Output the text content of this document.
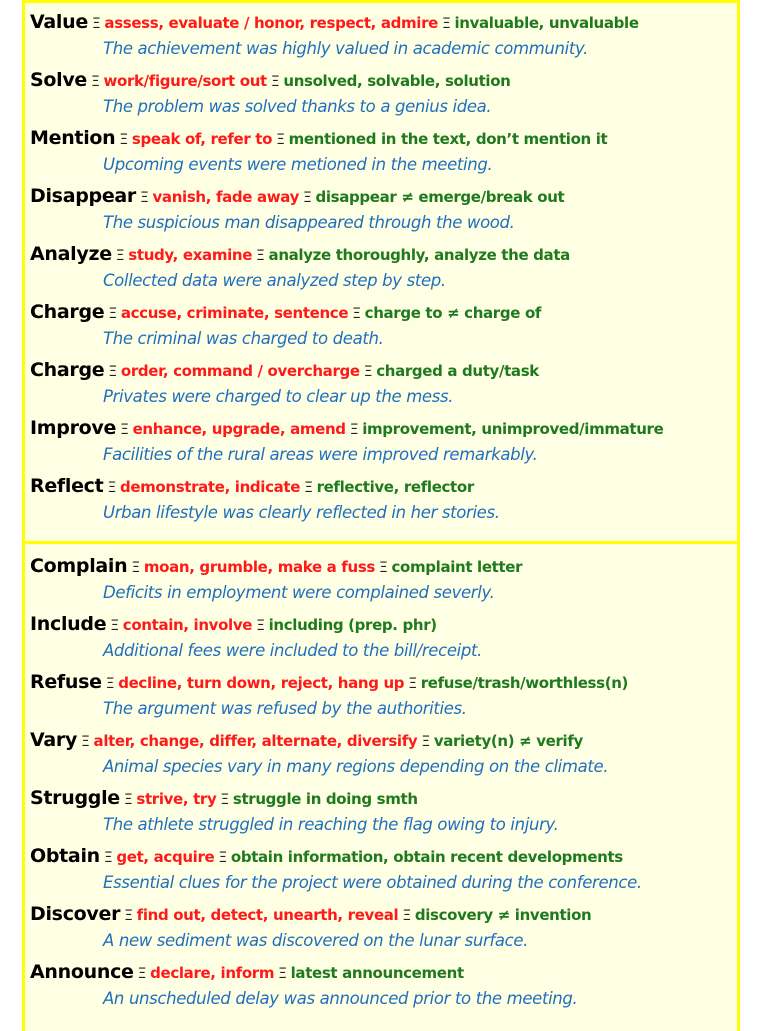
Value Ξ assess, evaluate / honor, respect, admire Ξ invaluable, unvaluable
The achievement was highly valued in academic community.
Solve Ξ work/figure/sort out Ξ unsolved, solvable, solution
The problem was solved thanks to a genius idea.
Mention Ξ speak of, refer to Ξ mentioned in the text, don’t mention it
Upcoming events were metioned in the meeting.
Disappear Ξ vanish, fade away Ξ disappear ≠ emerge/break out
The suspicious man disappeared through the wood.
Analyze Ξ study, examine Ξ analyze thoroughly, analyze the data
Collected data were analyzed step by step.
Charge Ξ accuse, criminate, sentence Ξ charge to ≠ charge of
The criminal was charged to death.
Charge Ξ order, command / overcharge Ξ charged a duty/task
Privates were charged to clear up the mess.
Improve Ξ enhance, upgrade, amend Ξ improvement, unimproved/immature
Facilities of the rural areas were improved remarkably.
Reflect Ξ demonstrate, indicate Ξ reflective, reflector
Urban lifestyle was clearly reflected in her stories.
Complain Ξ moan, grumble, make a fuss Ξ complaint letter
Deficits in employment were complained severly.
Include Ξ contain, involve Ξ including (prep. phr)
Additional fees were included to the bill/receipt.
Refuse Ξ decline, turn down, reject, hang up Ξ refuse/trash/worthless(n)
The argument was refused by the authorities.
Vary Ξ alter, change, differ, alternate, diversify Ξ variety(n) ≠ verify
Animal species vary in many regions depending on the climate.
Struggle Ξ strive, try Ξ struggle in doing smth
The athlete struggled in reaching the flag owing to injury.
Obtain Ξ get, acquire Ξ obtain information, obtain recent developments
Essential clues for the project were obtained during the conference.
Discover Ξ find out, detect, unearth, reveal Ξ discovery ≠ invention
A new sediment was discovered on the lunar surface.
Announce Ξ declare, inform Ξ latest announcement
An unscheduled delay was announced prior to the meeting.
